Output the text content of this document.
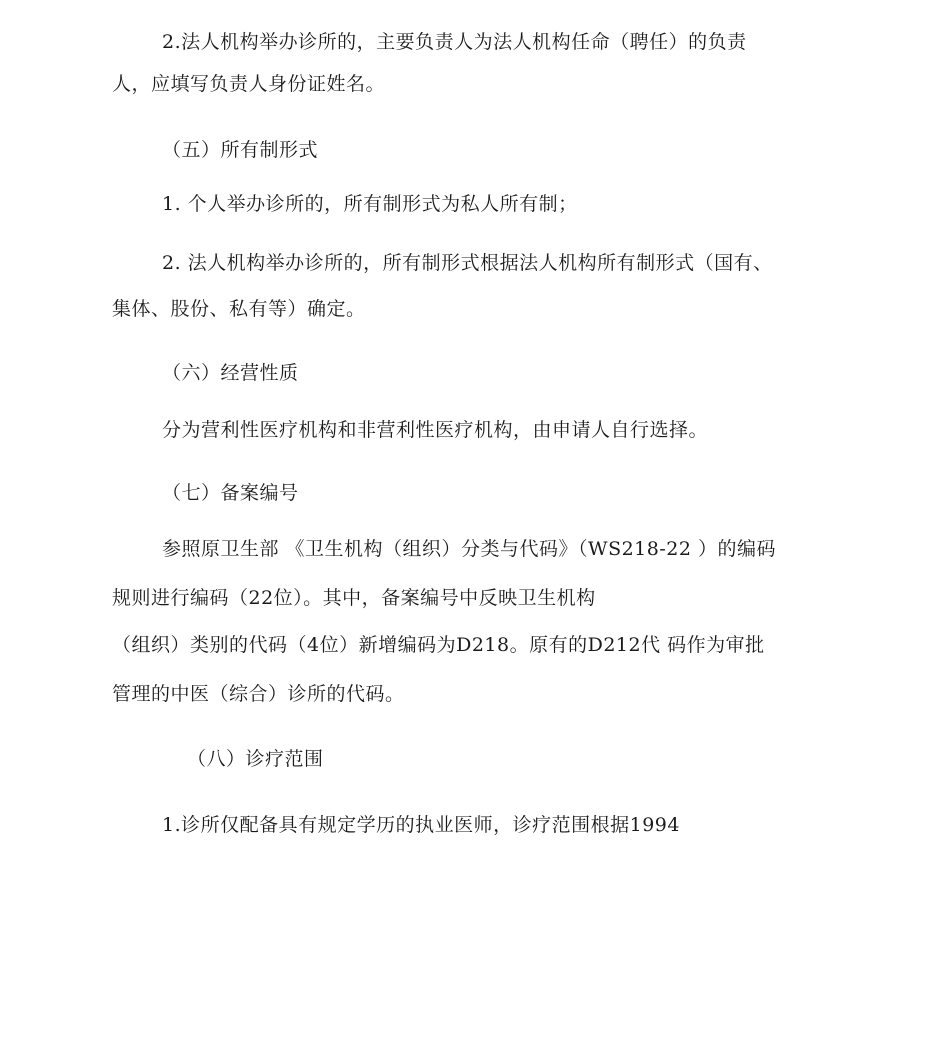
2.法人机构举办诊所的，主要负责人为法人机构任命（聘任）的负责
人，应填写负责人身份证姓名。
（五）所有制形式
1. 个人举办诊所的，所有制形式为私人所有制；
2. 法人机构举办诊所的，所有制形式根据法人机构所有制形式（国有、
集体、股份、私有等）确定。
（六）经营性质
分为营利性医疗机构和非营利性医疗机构，由申请人自行选择。
（七）备案编号
参照原卫生部 《卫生机构（组织）分类与代码》（WS218-22 ）的编码
规则进行编码（22位）。其中，备案编号中反映卫生机构
（组织）类别的代码（4位）新增编码为D218。原有的D212代 码作为审批
管理的中医（综合）诊所的代码。
（八）诊疗范围
1.诊所仅配备具有规定学历的执业医师，诊疗范围根据1994
